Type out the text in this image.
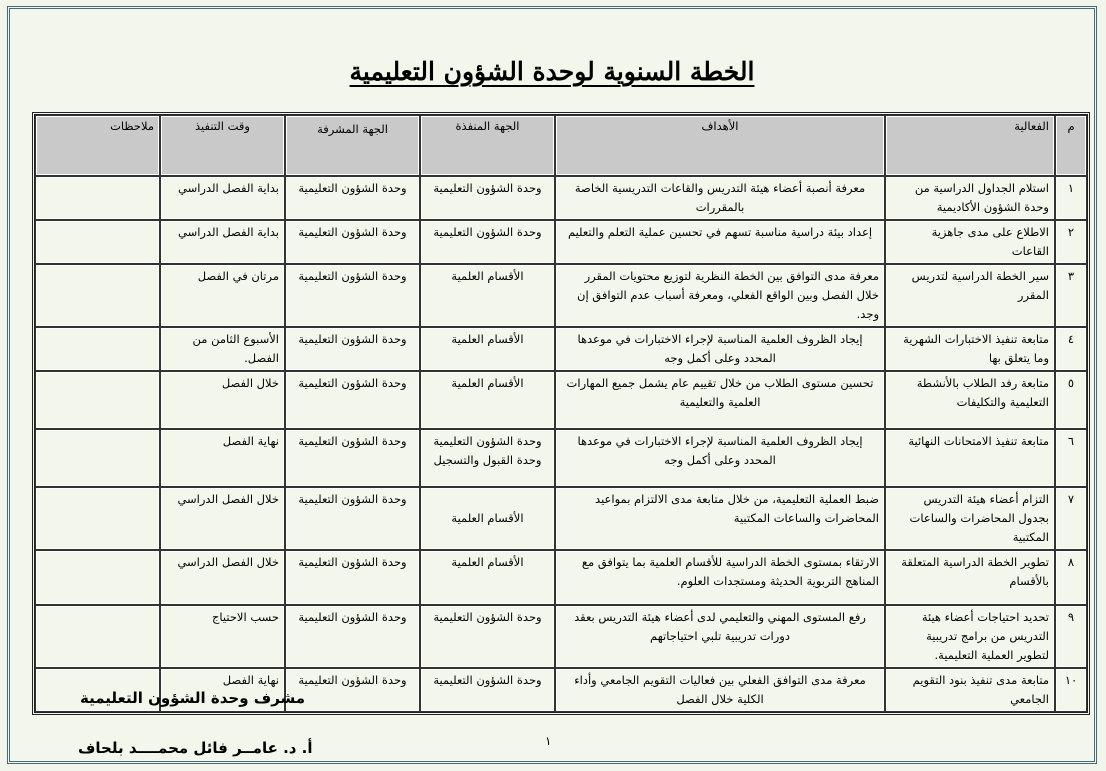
الخطة السنوية لوحدة الشؤون التعليمية
م	الفعالية	الأهداف	الجهة المنفذة	الجهة المشرفة	وقت التنفيذ	ملاحظات
١	استلام الجداول الدراسية من وحدة الشؤون الأكاديمية	معرفة أنصبة أعضاء هيئة التدريس والقاعات التدريسية الخاصة بالمقررات	وحدة الشؤون التعليمية	وحدة الشؤون التعليمية	بداية الفصل الدراسي	
٢	الاطلاع على مدى جاهزية القاعات	إعداد بيئة دراسية مناسبة تسهم في تحسين عملية التعلم والتعليم	وحدة الشؤون التعليمية	وحدة الشؤون التعليمية	بداية الفصل الدراسي	
٣	سير الخطة الدراسية لتدريس المقرر	معرفة مدى التوافق بين الخطة النظرية لتوزيع محتويات المقرر خلال الفصل وبين الواقع الفعلي، ومعرفة أسباب عدم التوافق إن وجد.	الأقسام العلمية	وحدة الشؤون التعليمية	مرتان في الفصل	
٤	متابعة تنفيذ الاختبارات الشهرية وما يتعلق بها	إيجاد الظروف العلمية المناسبة لإجراء الاختبارات في موعدها المحدد وعلى أكمل وجه	الأقسام العلمية	وحدة الشؤون التعليمية	الأسبوع الثامن من الفصل.	
٥	متابعة رفد الطلاب بالأنشطة التعليمية والتكليفات	تحسين مستوى الطلاب من خلال تقييم عام يشمل جميع المهارات العلمية والتعليمية	الأقسام العلمية	وحدة الشؤون التعليمية	خلال الفصل	
٦	متابعة تنفيذ الامتحانات النهائية	إيجاد الظروف العلمية المناسبة لإجراء الاختبارات في موعدها المحدد وعلى أكمل وجه	وحدة الشؤون التعليمية وحدة القبول والتسجيل	وحدة الشؤون التعليمية	نهاية الفصل	
٧	التزام أعضاء هيئة التدريس بجدول المحاضرات والساعات المكتبية	ضبط العملية التعليمية، من خلال متابعة مدى الالتزام بمواعيد المحاضرات والساعات المكتبية	الأقسام العلمية	وحدة الشؤون التعليمية	خلال الفصل الدراسي	
٨	تطوير الخطة الدراسية المتعلقة بالأقسام	الارتقاء بمستوى الخطة الدراسية للأقسام العلمية بما يتوافق مع المناهج التربوية الحديثة ومستجدات العلوم.	الأقسام العلمية	وحدة الشؤون التعليمية	خلال الفصل الدراسي	
٩	تحديد احتياجات أعضاء هيئة التدريس من برامج تدريبية لتطوير العملية التعليمية.	رفع المستوى المهني والتعليمي لدى أعضاء هيئة التدريس بعقد دورات تدريبية تلبي احتياجاتهم	وحدة الشؤون التعليمية	وحدة الشؤون التعليمية	حسب الاحتياج	
١٠	متابعة مدى تنفيذ بنود التقويم الجامعي	معرفة مدى التوافق الفعلي بين فعاليات التقويم الجامعي وأداء الكلية خلال الفصل	وحدة الشؤون التعليمية	وحدة الشؤون التعليمية	نهاية الفصل	
مشرف وحدة الشؤون التعليمية
١
أ. د. عامــر فائل محمــــد بلحاف
